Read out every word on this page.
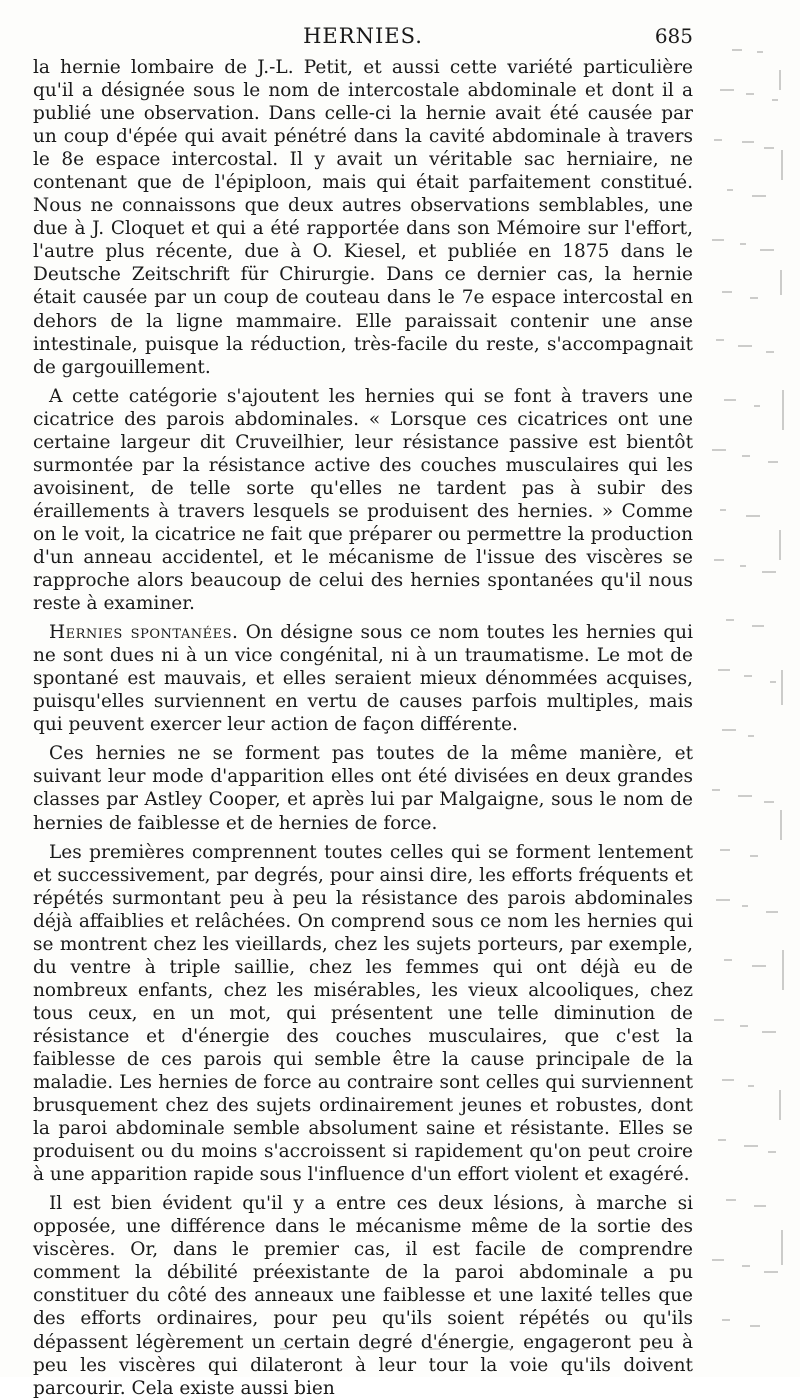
HERNIES.	685

la hernie lombaire de J.-L. Petit, et aussi cette variété particulière qu'il a désignée sous le nom de intercostale abdominale et dont il a publié une observation. Dans celle-ci la hernie avait été causée par un coup d'épée qui avait pénétré dans la cavité abdominale à travers le 8e espace intercostal. Il y avait un véritable sac herniaire, ne contenant que de l'épiploon, mais qui était parfaitement constitué. Nous ne connaissons que deux autres observations semblables, une due à J. Cloquet et qui a été rapportée dans son Mémoire sur l'effort, l'autre plus récente, due à O. Kiesel, et publiée en 1875 dans le Deutsche Zeitschrift für Chirurgie. Dans ce dernier cas, la hernie était causée par un coup de couteau dans le 7e espace intercostal en dehors de la ligne mammaire. Elle paraissait contenir une anse intestinale, puisque la réduction, très-facile du reste, s'accompagnait de gargouillement.

A cette catégorie s'ajoutent les hernies qui se font à travers une cicatrice des parois abdominales. « Lorsque ces cicatrices ont une certaine largeur dit Cruveilhier, leur résistance passive est bientôt surmontée par la résistance active des couches musculaires qui les avoisinent, de telle sorte qu'elles ne tardent pas à subir des éraillements à travers lesquels se produisent des hernies. » Comme on le voit, la cicatrice ne fait que préparer ou permettre la production d'un anneau accidentel, et le mécanisme de l'issue des viscères se rapproche alors beaucoup de celui des hernies spontanées qu'il nous reste à examiner.

Hernies spontanées. On désigne sous ce nom toutes les hernies qui ne sont dues ni à un vice congénital, ni à un traumatisme. Le mot de spontané est mauvais, et elles seraient mieux dénommées acquises, puisqu'elles surviennent en vertu de causes parfois multiples, mais qui peuvent exercer leur action de façon différente.

Ces hernies ne se forment pas toutes de la même manière, et suivant leur mode d'apparition elles ont été divisées en deux grandes classes par Astley Cooper, et après lui par Malgaigne, sous le nom de hernies de faiblesse et de hernies de force.

Les premières comprennent toutes celles qui se forment lentement et successivement, par degrés, pour ainsi dire, les efforts fréquents et répétés surmontant peu à peu la résistance des parois abdominales déjà affaiblies et relâchées. On comprend sous ce nom les hernies qui se montrent chez les vieillards, chez les sujets porteurs, par exemple, du ventre à triple saillie, chez les femmes qui ont déjà eu de nombreux enfants, chez les misérables, les vieux alcooliques, chez tous ceux, en un mot, qui présentent une telle diminution de résistance et d'énergie des couches musculaires, que c'est la faiblesse de ces parois qui semble être la cause principale de la maladie. Les hernies de force au contraire sont celles qui surviennent brusquement chez des sujets ordinairement jeunes et robustes, dont la paroi abdominale semble absolument saine et résistante. Elles se produisent ou du moins s'accroissent si rapidement qu'on peut croire à une apparition rapide sous l'influence d'un effort violent et exagéré.

Il est bien évident qu'il y a entre ces deux lésions, à marche si opposée, une différence dans le mécanisme même de la sortie des viscères. Or, dans le premier cas, il est facile de comprendre comment la débilité préexistante de la paroi abdominale a pu constituer du côté des anneaux une faiblesse et une laxité telles que des efforts ordinaires, pour peu qu'ils soient répétés ou qu'ils dépassent légèrement un certain degré d'énergie, engageront peu à peu les viscères qui dilateront à leur tour la voie qu'ils doivent parcourir. Cela existe aussi bien
